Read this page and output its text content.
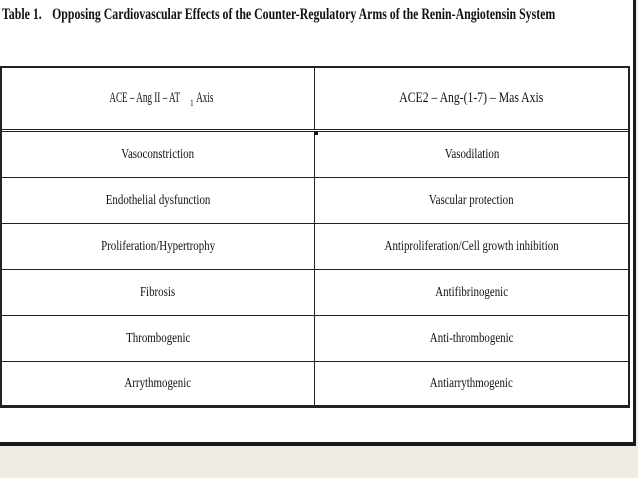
Table 1. Opposing Cardiovascular Effects of the Counter-Regulatory Arms of the Renin-Angiotensin System
ACE – Ang II – AT $_1$Axis	ACE2 – Ang-(1-7) – Mas Axis
Vasoconstriction	Vasodilation
Endothelial dysfunction	Vascular protection
Proliferation/Hypertrophy	Antiproliferation/Cell growth inhibition
Fibrosis	Antifibrinogenic
Thrombogenic	Anti-thrombogenic
Arrythmogenic	Antiarrythmogenic
